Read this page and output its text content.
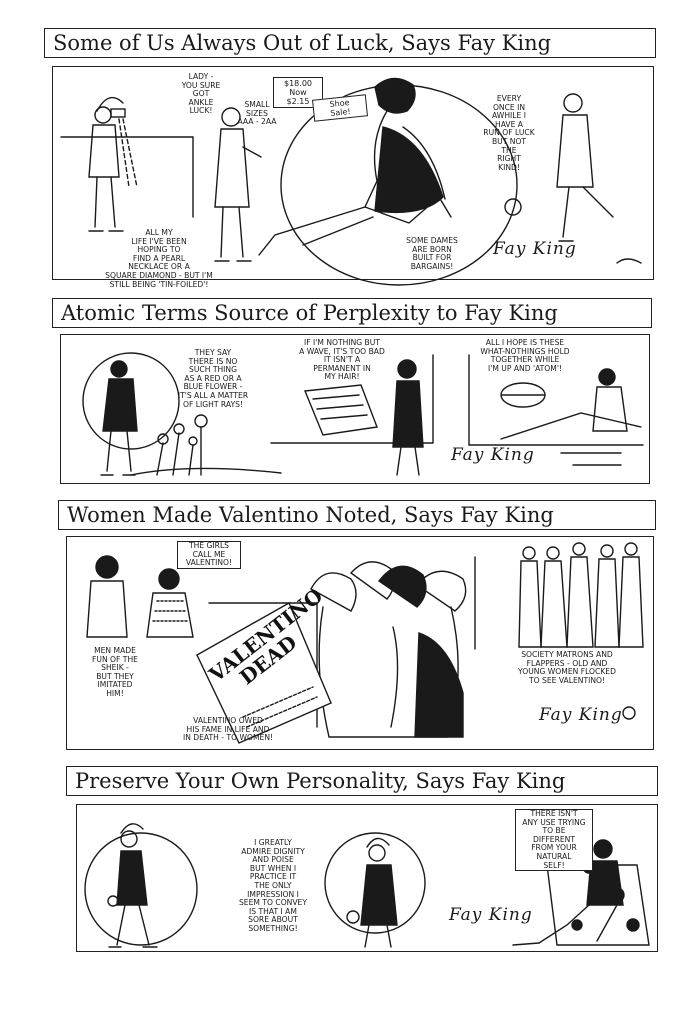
Some of Us Always Out of Luck, Says Fay King
ALL MY
LIFE I'VE BEEN
HOPING TO
FIND A PEARL
NECKLACE OR A
SQUARE DIAMOND - BUT I'M
STILL BEING 'TIN-FOILED'!
LADY -
YOU SURE
GOT
ANKLE
LUCK!
SMALL
SIZES
AAA - 2AA
$18.00
Now
$2.15	Shoe
Sale!
SOME DAMES
ARE BORN
BUILT FOR
BARGAINS!
EVERY
ONCE IN
AWHILE I
HAVE A
RUN OF LUCK
BUT NOT
THE
RIGHT
KIND!
Fay King
Atomic Terms Source of Perplexity to Fay King
THEY SAY
THERE IS NO
SUCH THING
AS A RED OR A
BLUE FLOWER -
IT'S ALL A MATTER
OF LIGHT RAYS!
IF I'M NOTHING BUT
A WAVE, IT'S TOO BAD
IT ISN'T A
PERMANENT IN
MY HAIR!
ALL I HOPE IS THESE
WHAT-NOTHINGS HOLD
TOGETHER WHILE
I'M UP AND 'ATOM'!
Fay King
Women Made Valentino Noted, Says Fay King
THE GIRLS
CALL ME
VALENTINO!
MEN MADE
FUN OF THE
SHEIK -
BUT THEY
IMITATED
HIM!
VALENTINO
DEAD
VALENTINO OWED
HIS FAME IN LIFE AND
IN DEATH - TO WOMEN!
SOCIETY MATRONS AND
FLAPPERS - OLD AND
YOUNG WOMEN FLOCKED
TO SEE VALENTINO!
Fay King
Preserve Your Own Personality, Says Fay King
I GREATLY
ADMIRE DIGNITY
AND POISE
BUT WHEN I
PRACTICE IT
THE ONLY
IMPRESSION I
SEEM TO CONVEY
IS THAT I AM
SORE ABOUT
SOMETHING!
THERE ISN'T
ANY USE TRYING
TO BE
DIFFERENT
FROM YOUR
NATURAL
SELF!
Fay King
